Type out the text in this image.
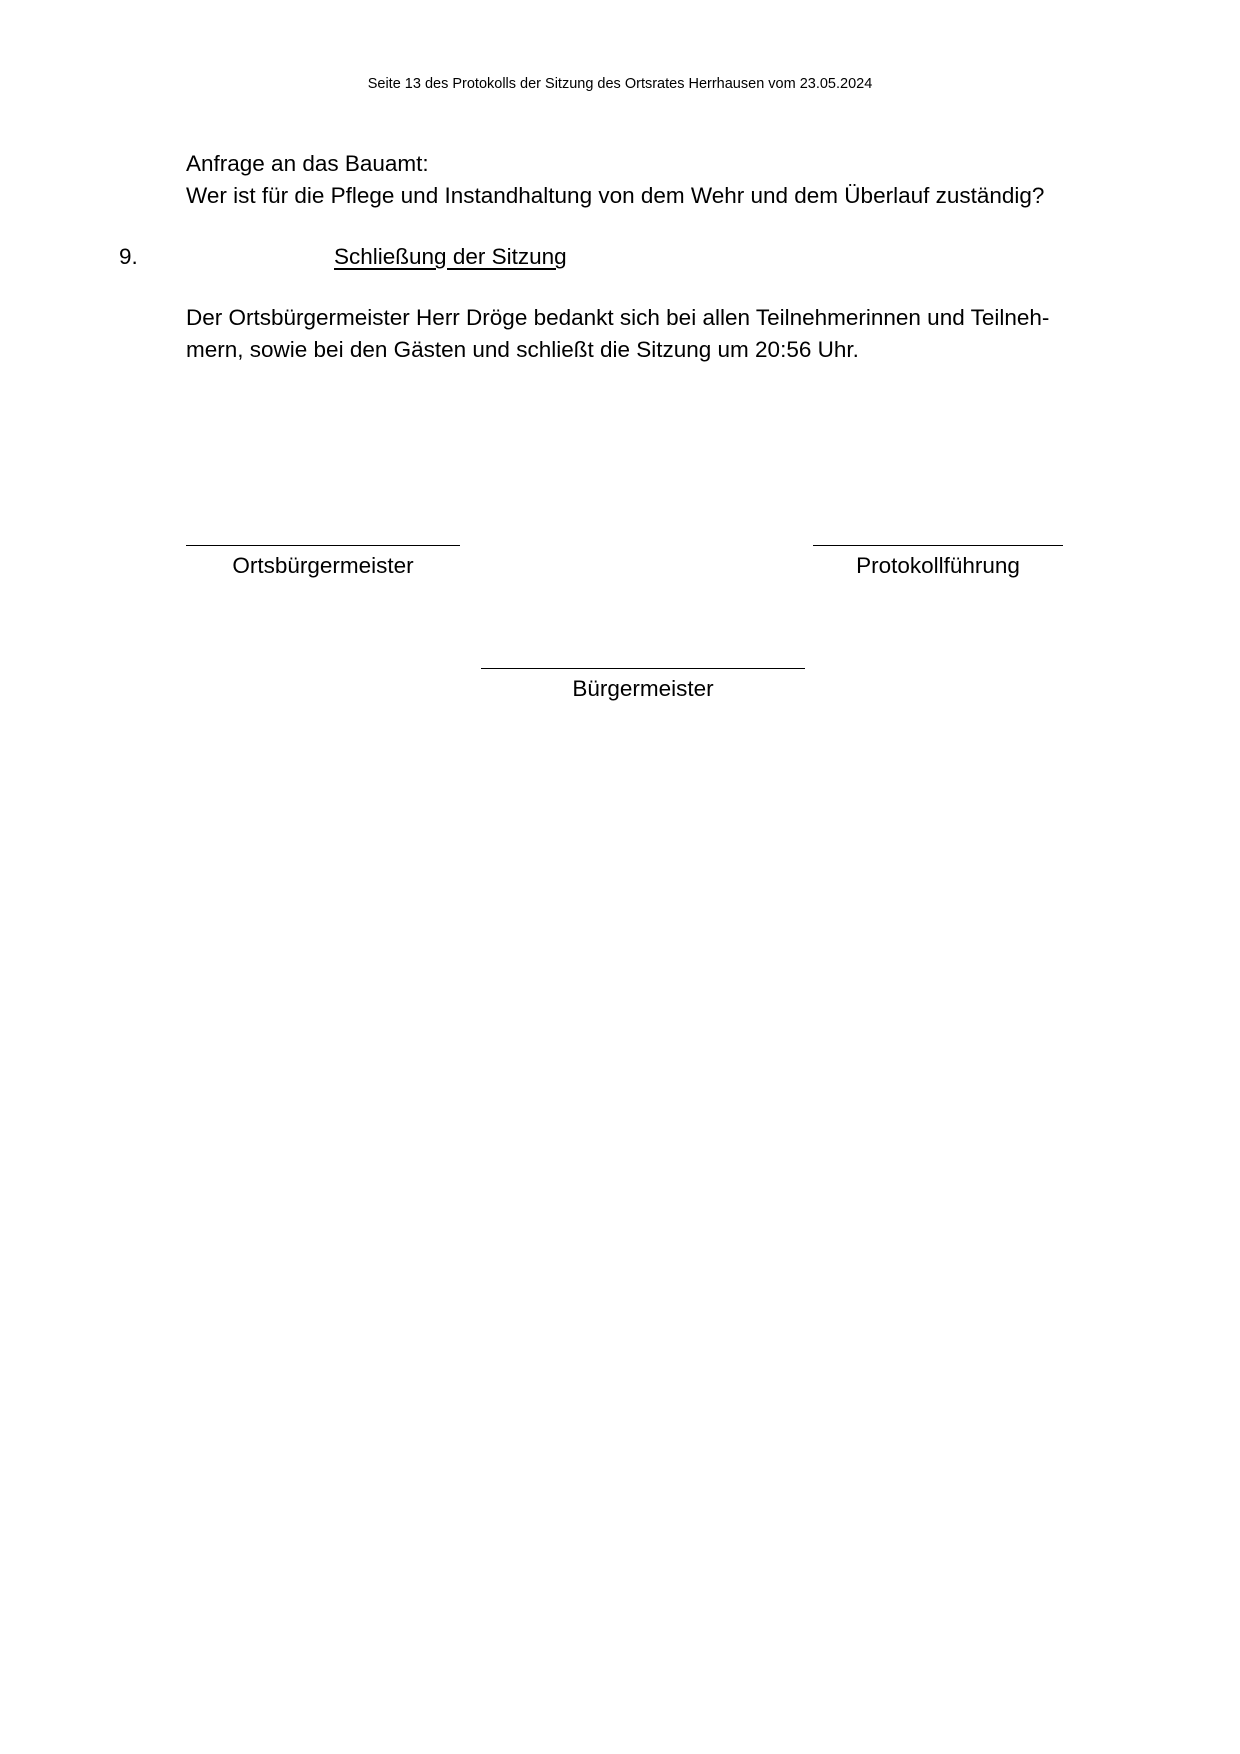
Seite 13 des Protokolls der Sitzung des Ortsrates Herrhausen vom 23.05.2024
Anfrage an das Bauamt:
Wer ist für die Pflege und Instandhaltung von dem Wehr und dem Überlauf zuständig?
9.	Schließung der Sitzung
Der Ortsbürgermeister Herr Dröge bedankt sich bei allen Teilnehmerinnen und Teilneh-
mern, sowie bei den Gästen und schließt die Sitzung um 20:56 Uhr.
Ortsbürgermeister	Protokollführung
Bürgermeister
